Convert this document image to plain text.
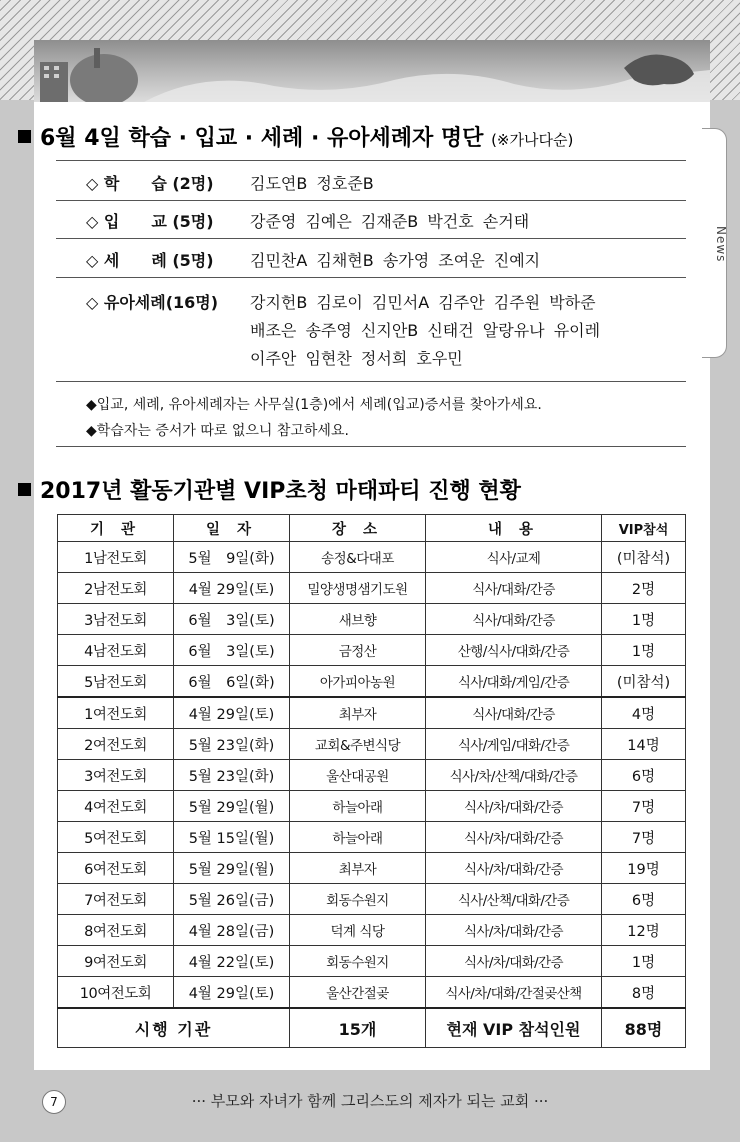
News
6월 4일 학습 · 입교 · 세례 · 유아세례자 명단 (※가나다순)
◇ 학　　습 (2명) 김도연B 정호준B
◇ 입　　교 (5명) 강준영 김예은 김재준B 박건호 손거태
◇ 세　　례 (5명) 김민찬A 김채현B 송가영 조여운 진예지
◇ 유아세례(16명) 강지헌B 김로이 김민서A 김주안 김주원 박하준
배조은 송주영 신지안B 신태건 알랑유나 유이레
이주안 임현찬 정서희 호우민
◆입교, 세례, 유아세례자는 사무실(1층)에서 세례(입교)증서를 찾아가세요.
◆학습자는 증서가 따로 없으니 참고하세요.
2017년 활동기관별 VIP초청 마태파티 진행 현황
기 관	일 자	장 소	내 용	VIP참석
1남전도회	5월　9일(화)	송정&다대포	식사/교제	(미참석)
2남전도회	4월 29일(토)	밀양생명샘기도원	식사/대화/간증	2명
3남전도회	6월　3일(토)	새브향	식사/대화/간증	1명
4남전도회	6월　3일(토)	금정산	산행/식사/대화/간증	1명
5남전도회	6월　6일(화)	아가피아농원	식사/대화/게임/간증	(미참석)
1여전도회	4월 29일(토)	최부자	식사/대화/간증	4명
2여전도회	5월 23일(화)	교회&주변식당	식사/게임/대화/간증	14명
3여전도회	5월 23일(화)	울산대공원	식사/차/산책/대화/간증	6명
4여전도회	5월 29일(월)	하늘아래	식사/차/대화/간증	7명
5여전도회	5월 15일(월)	하늘아래	식사/차/대화/간증	7명
6여전도회	5월 29일(월)	최부자	식사/차/대화/간증	19명
7여전도회	5월 26일(금)	회동수원지	식사/산책/대화/간증	6명
8여전도회	4월 28일(금)	덕계 식당	식사/차/대화/간증	12명
9여전도회	4월 22일(토)	회동수원지	식사/차/대화/간증	1명
10여전도회	4월 29일(토)	울산간절곶	식사/차/대화/간절곶산책	8명
시행 기관		15개	현재 VIP 참석인원	88명
7	··· 부모와 자녀가 함께 그리스도의 제자가 되는 교회 ···
